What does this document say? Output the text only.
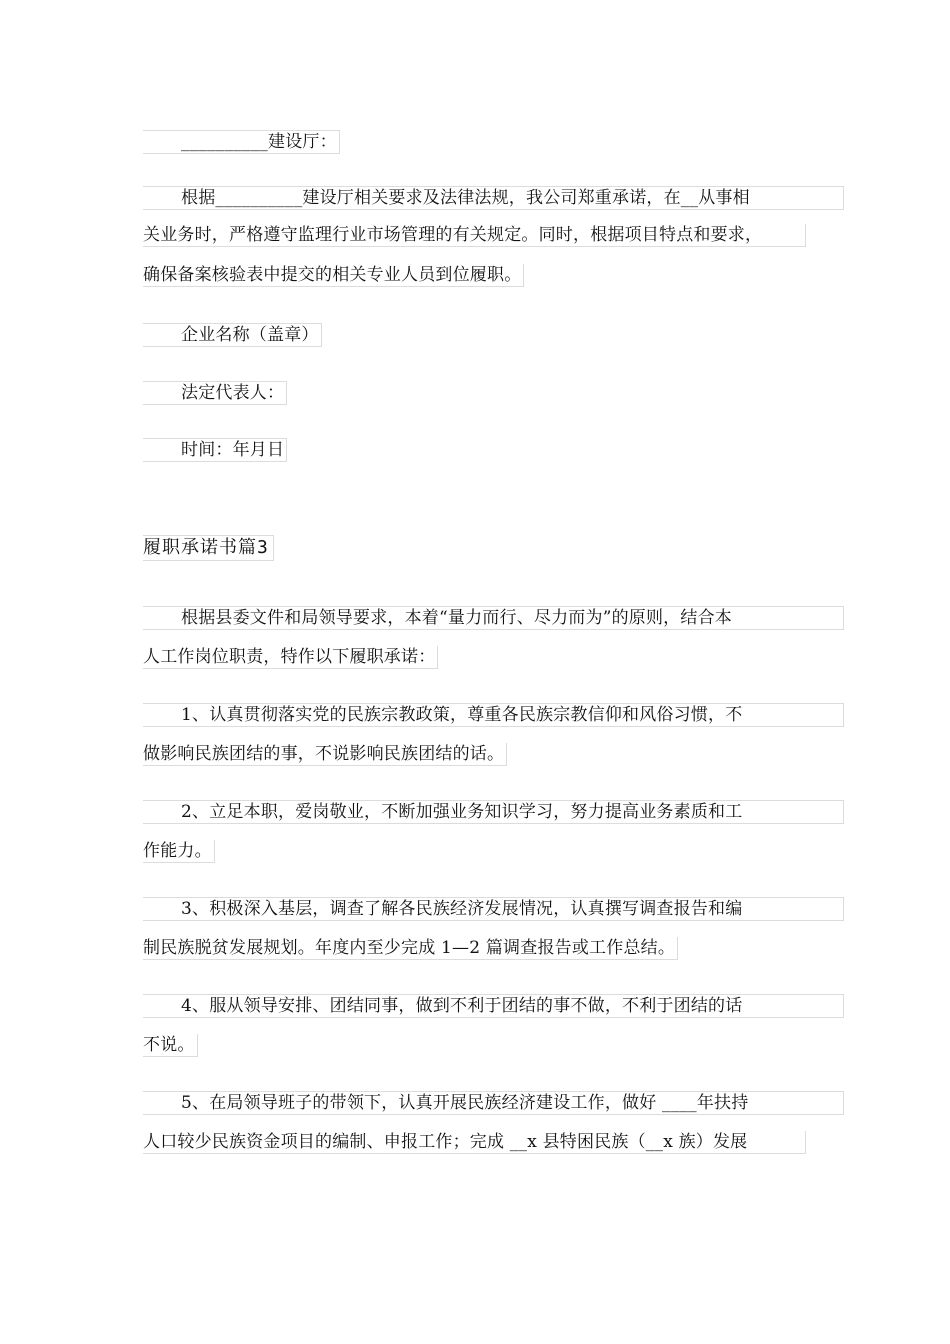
__________建设厅：
根据__________建设厅相关要求及法律法规，我公司郑重承诺，在__从事相
关业务时，严格遵守监理行业市场管理的有关规定。同时，根据项目特点和要求，
确保备案核验表中提交的相关专业人员到位履职。
企业名称（盖章）
法定代表人：
时间：年月日
履职承诺书篇3
根据县委文件和局领导要求，本着“量力而行、尽力而为”的原则，结合本
人工作岗位职责，特作以下履职承诺：
1、认真贯彻落实党的民族宗教政策，尊重各民族宗教信仰和风俗习惯，不
做影响民族团结的事，不说影响民族团结的话。
2、立足本职，爱岗敬业，不断加强业务知识学习，努力提高业务素质和工
作能力。
3、积极深入基层，调查了解各民族经济发展情况，认真撰写调查报告和编
制民族脱贫发展规划。年度内至少完成 1—2 篇调查报告或工作总结。
4、服从领导安排、团结同事，做到不利于团结的事不做，不利于团结的话
不说。
5、在局领导班子的带领下，认真开展民族经济建设工作，做好 ____年扶持
人口较少民族资金项目的编制、申报工作；完成 __x 县特困民族（__x 族）发展
